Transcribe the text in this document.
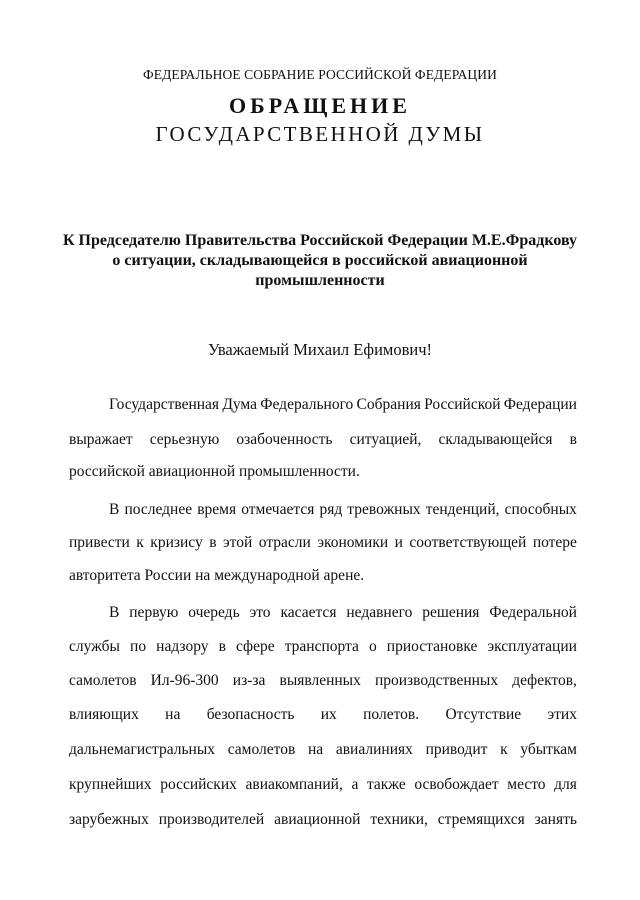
ФЕДЕРАЛЬНОЕ СОБРАНИЕ РОССИЙСКОЙ ФЕДЕРАЦИИ
ОБРАЩЕНИЕ
ГОСУДАРСТВЕННОЙ ДУМЫ
К Председателю Правительства Российской Федерации М.Е.Фрадкову
о ситуации, складывающейся в российской авиационной
промышленности
Уважаемый Михаил Ефимович!
Государственная Дума Федерального Собрания Российской Федерации
выражает серьезную озабоченность ситуацией, складывающейся в
российской авиационной промышленности.
В последнее время отмечается ряд тревожных тенденций, способных
привести к кризису в этой отрасли экономики и соответствующей потере
авторитета России на международной арене.
В первую очередь это касается недавнего решения Федеральной
службы по надзору в сфере транспорта о приостановке эксплуатации
самолетов Ил-96-300 из-за выявленных производственных дефектов,
влияющих на безопасность их полетов. Отсутствие этих
дальнемагистральных самолетов на авиалиниях приводит к убыткам
крупнейших российских авиакомпаний, а также освобождает место для
зарубежных производителей авиационной техники, стремящихся занять
